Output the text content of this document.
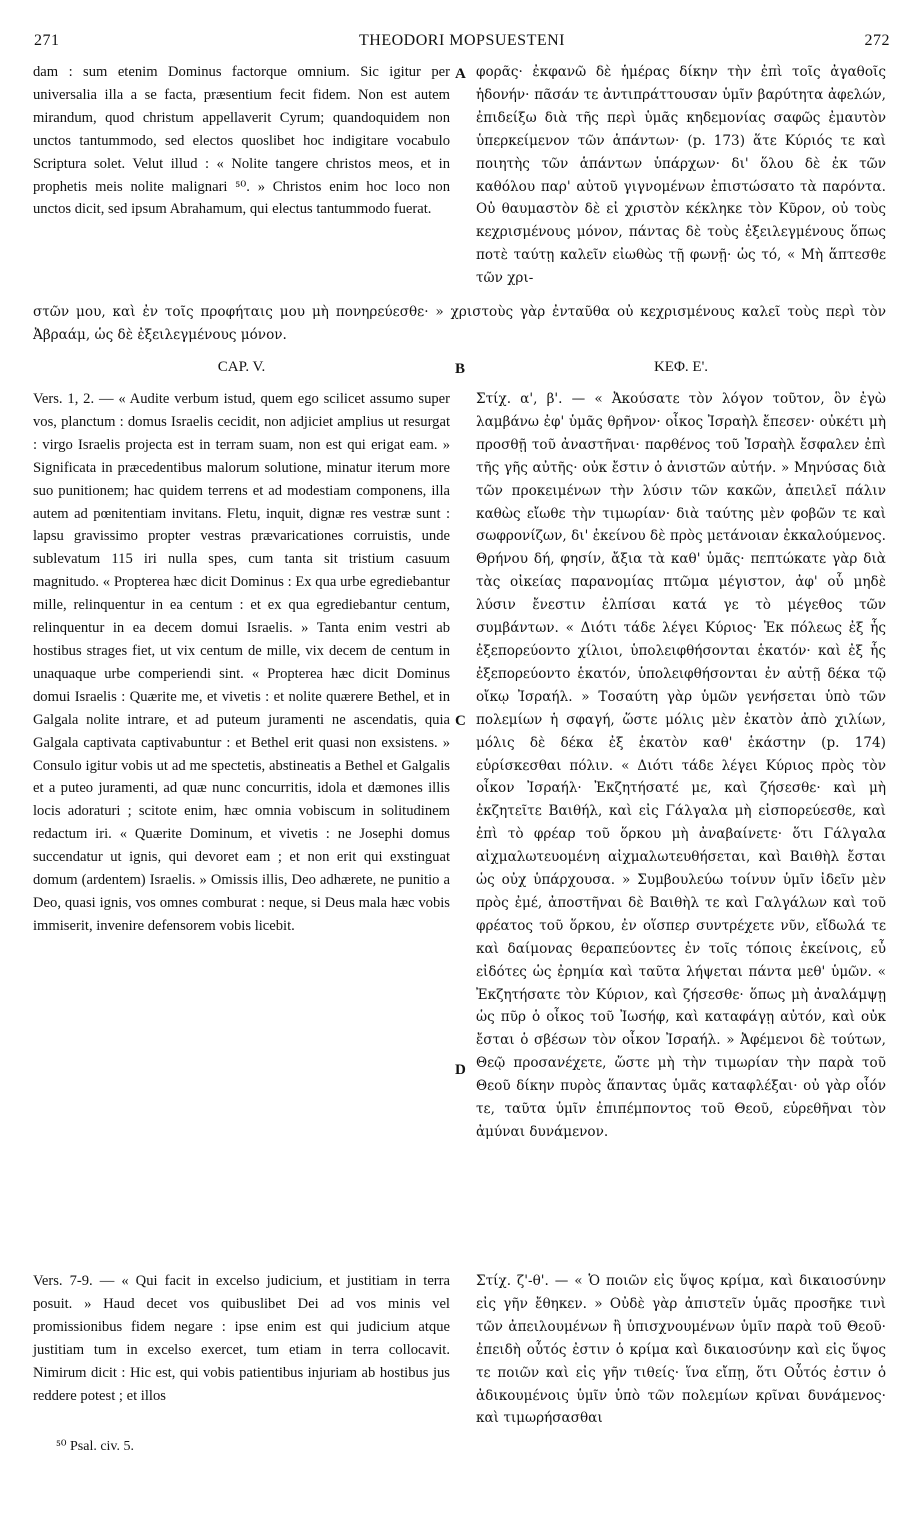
271	THEODORI MOPSUESTENI	272

dam : sum etenim Dominus factorque omnium. Sic igitur per universalia illa a se facta, præsentium fecit fidem. Non est autem mirandum, quod christum appellaverit Cyrum; quandoquidem non unctos tantummodo, sed electos quoslibet hoc indigitare vocabulo Scriptura solet. Velut illud : « Nolite tangere christos meos, et in prophetis meis nolite malignari ⁵⁰. » Christos enim hoc loco non unctos dicit, sed ipsum Abrahamum, qui electus tantummodo fuerat.

φορᾶς· ἐκφανῶ δὲ ἡμέρας δίκην τὴν ἐπὶ τοῖς ἀγαθοῖς ἡδονήν· πᾶσάν τε ἀντιπράττουσαν ὑμῖν βαρύτητα ἀφελών, ἐπιδείξω διὰ τῆς περὶ ὑμᾶς κηδεμονίας σαφῶς ἐμαυτὸν ὑπερκείμενον τῶν ἁπάντων· (p. 173) ἅτε Κύριός τε καὶ ποιητὴς τῶν ἁπάντων ὑπάρχων· δι' ὅλου δὲ ἐκ τῶν καθόλου παρ' αὐτοῦ γιγνομένων ἐπιστώσατο τὰ παρόντα. Οὐ θαυμαστὸν δὲ εἰ χριστὸν κέκληκε τὸν Κῦρον, οὐ τοὺς κεχρισμένους μόνον, πάντας δὲ τοὺς ἐξειλεγμένους ὅπως ποτὲ ταύτῃ καλεῖν εἰωθὼς τῇ φωνῇ· ὡς τό, « Μὴ ἅπτεσθε τῶν χρι-

στῶν μου, καὶ ἐν τοῖς προφήταις μου μὴ πονηρεύεσθε· » χριστοὺς γὰρ ἐνταῦθα οὐ κεχρισμένους καλεῖ τοὺς περὶ τὸν Ἀβραάμ, ὡς δὲ ἐξειλεγμένους μόνον.
CAP. V.	ΚΕΦ. Ε'.
A
B
C
D

Vers. 1, 2. — « Audite verbum istud, quem ego scilicet assumo super vos, planctum : domus Israelis cecidit, non adjiciet amplius ut resurgat : virgo Israelis projecta est in terram suam, non est qui erigat eam. » Significata in præcedentibus malorum solutione, minatur iterum more suo punitionem; hac quidem terrens et ad modestiam componens, illa autem ad pœnitentiam invitans. Fletu, inquit, dignæ res vestræ sunt : lapsu gravissimo propter vestras prævaricationes corruistis, unde sublevatum 115 iri nulla spes, cum tanta sit tristium casuum magnitudo. « Propterea hæc dicit Dominus : Ex qua urbe egrediebantur mille, relinquentur in ea centum : et ex qua egrediebantur centum, relinquentur in ea decem domui Israelis. » Tanta enim vestri ab hostibus strages fiet, ut vix centum de mille, vix decem de centum in unaquaque urbe comperiendi sint. « Propterea hæc dicit Dominus domui Israelis : Quærite me, et vivetis : et nolite quærere Bethel, et in Galgala nolite intrare, et ad puteum juramenti ne ascendatis, quia Galgala captivata captivabuntur : et Bethel erit quasi non exsistens. » Consulo igitur vobis ut ad me spectetis, abstineatis a Bethel et Galgalis et a puteo juramenti, ad quæ nunc concurritis, idola et dæmones illis locis adoraturi ; scitote enim, hæc omnia vobiscum in solitudinem redactum iri. « Quærite Dominum, et vivetis : ne Josephi domus succendatur ut ignis, qui devoret eam ; et non erit qui exstinguat domum (ardentem) Israelis. » Omissis illis, Deo adhærete, ne punitio a Deo, quasi ignis, vos omnes comburat : neque, si Deus mala hæc vobis immiserit, invenire defensorem vobis licebit.

Στίχ. α', β'. — « Ἀκούσατε τὸν λόγον τοῦτον, ὃν ἐγὼ λαμβάνω ἐφ' ὑμᾶς θρῆνον· οἶκος Ἰσραὴλ ἔπεσεν· οὐκέτι μὴ προσθῇ τοῦ ἀναστῆναι· παρθένος τοῦ Ἰσραὴλ ἔσφαλεν ἐπὶ τῆς γῆς αὐτῆς· οὐκ ἔστιν ὁ ἀνιστῶν αὐτήν. » Μηνύσας διὰ τῶν προκειμένων τὴν λύσιν τῶν κακῶν, ἀπειλεῖ πάλιν καθὼς εἴωθε τὴν τιμωρίαν· διὰ ταύτης μὲν φοβῶν τε καὶ σωφρονίζων, δι' ἐκείνου δὲ πρὸς μετάνοιαν ἐκκαλούμενος. Θρήνου δή, φησίν, ἄξια τὰ καθ' ὑμᾶς· πεπτώκατε γὰρ διὰ τὰς οἰκείας παρανομίας πτῶμα μέγιστον, ἀφ' οὗ μηδὲ λύσιν ἔνεστιν ἐλπίσαι κατά γε τὸ μέγεθος τῶν συμβάντων. « Διότι τάδε λέγει Κύριος· Ἐκ πόλεως ἐξ ἧς ἐξεπορεύοντο χίλιοι, ὑπολειφθήσονται ἑκατόν· καὶ ἐξ ἧς ἐξεπορεύοντο ἑκατόν, ὑπολειφθήσονται ἐν αὐτῇ δέκα τῷ οἴκῳ Ἰσραήλ. » Τοσαύτη γὰρ ὑμῶν γενήσεται ὑπὸ τῶν πολεμίων ἡ σφαγή, ὥστε μόλις μὲν ἑκατὸν ἀπὸ χιλίων, μόλις δὲ δέκα ἐξ ἑκατὸν καθ' ἑκάστην (p. 174) εὑρίσκεσθαι πόλιν. « Διότι τάδε λέγει Κύριος πρὸς τὸν οἶκον Ἰσραήλ· Ἐκζητήσατέ με, καὶ ζήσεσθε· καὶ μὴ ἐκζητεῖτε Βαιθήλ, καὶ εἰς Γάλγαλα μὴ εἰσπορεύεσθε, καὶ ἐπὶ τὸ φρέαρ τοῦ ὅρκου μὴ ἀναβαίνετε· ὅτι Γάλγαλα αἰχμαλωτευομένη αἰχμαλωτευθήσεται, καὶ Βαιθὴλ ἔσται ὡς οὐχ ὑπάρχουσα. » Συμβουλεύω τοίνυν ὑμῖν ἰδεῖν μὲν πρὸς ἐμέ, ἀποστῆναι δὲ Βαιθὴλ τε καὶ Γαλγάλων καὶ τοῦ φρέατος τοῦ ὅρκου, ἐν οἵσπερ συντρέχετε νῦν, εἴδωλά τε καὶ δαίμονας θεραπεύοντες ἐν τοῖς τόποις ἐκείνοις, εὖ εἰδότες ὡς ἐρημία καὶ ταῦτα λήψεται πάντα μεθ' ὑμῶν. « Ἐκζητήσατε τὸν Κύριον, καὶ ζήσεσθε· ὅπως μὴ ἀναλάμψῃ ὡς πῦρ ὁ οἶκος τοῦ Ἰωσήφ, καὶ καταφάγῃ αὐτόν, καὶ οὐκ ἔσται ὁ σβέσων τὸν οἶκον Ἰσραήλ. » Ἀφέμενοι δὲ τούτων, Θεῷ προσανέχετε, ὥστε μὴ τὴν τιμωρίαν τὴν παρὰ τοῦ Θεοῦ δίκην πυρὸς ἅπαντας ὑμᾶς καταφλέξαι· οὐ γὰρ οἷόν τε, ταῦτα ὑμῖν ἐπιπέμποντος τοῦ Θεοῦ, εὑρεθῆναι τὸν ἀμύναι δυνάμενον.

Vers. 7-9. — « Qui facit in excelso judicium, et justitiam in terra posuit. » Haud decet vos quibuslibet Dei ad vos minis vel promissionibus fidem negare : ipse enim est qui judicium atque justitiam tum in excelso exercet, tum etiam in terra collocavit. Nimirum dicit : Hic est, qui vobis patientibus injuriam ab hostibus jus reddere potest ; et illos

Στίχ. ζ'-θ'. — « Ὁ ποιῶν εἰς ὕψος κρίμα, καὶ δικαιοσύνην εἰς γῆν ἔθηκεν. » Οὐδὲ γὰρ ἀπιστεῖν ὑμᾶς προσῆκε τινὶ τῶν ἀπειλουμένων ἢ ὑπισχνουμένων ὑμῖν παρὰ τοῦ Θεοῦ· ἐπειδὴ οὗτός ἐστιν ὁ κρίμα καὶ δικαιοσύνην καὶ εἰς ὕψος τε ποιῶν καὶ εἰς γῆν τιθείς· ἵνα εἴπῃ, ὅτι Οὗτός ἐστιν ὁ ἀδικουμένοις ὑμῖν ὑπὸ τῶν πολεμίων κρῖναι δυνάμενος· καὶ τιμωρήσασθαι

⁵⁰ Psal. civ. 5.
